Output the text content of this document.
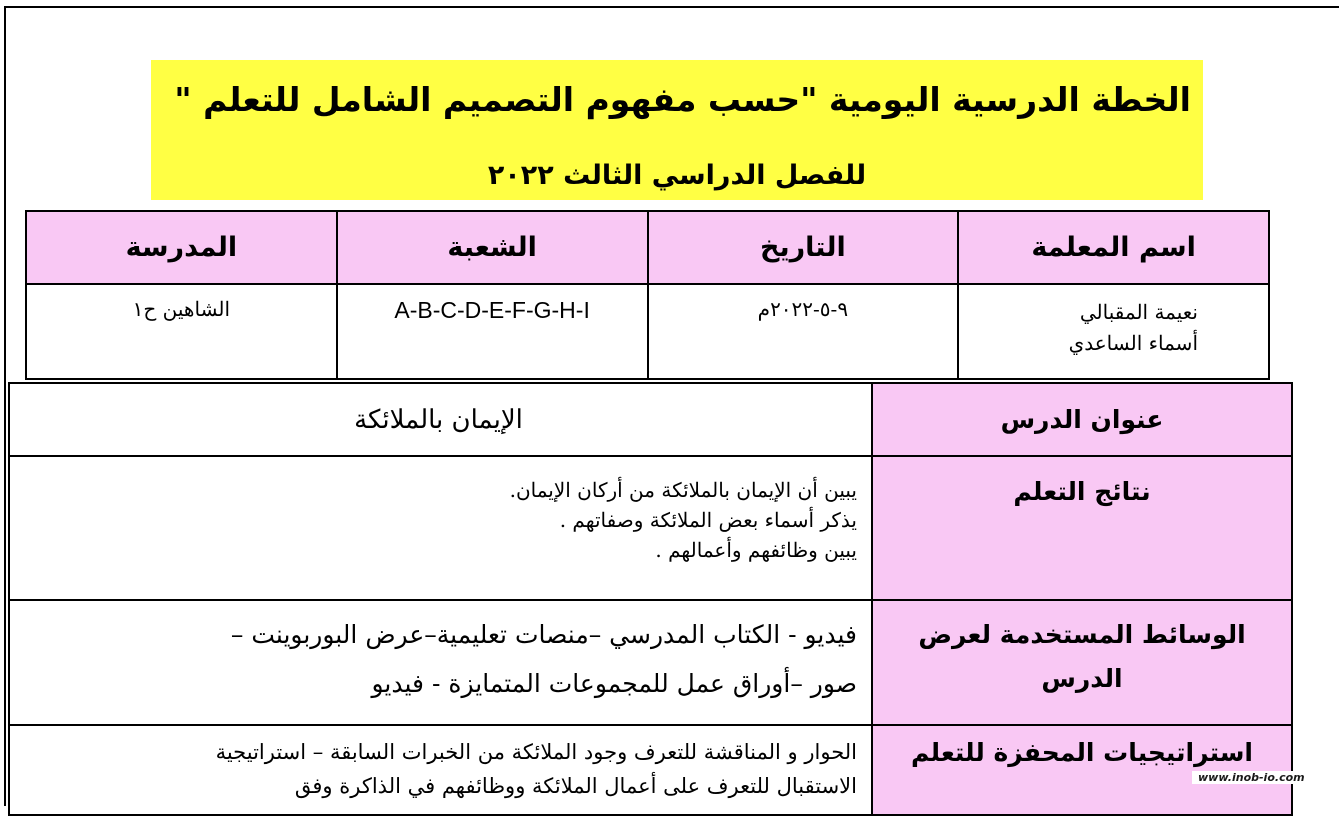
الخطة الدرسية اليومية "حسب مفهوم التصميم الشامل للتعلم "
للفصل الدراسي الثالث ٢٠٢٢
اسم المعلمة	التاريخ	الشعبة	المدرسة

نعيمة المقبالي
أسماء الساعدي	٩-٥-٢٠٢٢م	A-B-C-D-E-F-G-H-I	الشاهين ح١
عنوان الدرس	الإيمان بالملائكة
نتائج التعلم	يبين أن الإيمان بالملائكة من أركان الإيمان.
يذكر أسماء بعض الملائكة وصفاتهم .
يبين وظائفهم وأعمالهم .

الوسائط المستخدمة لعرض الدرس	فيديو - الكتاب المدرسي –منصات تعليمية–عرض البوربوينت –
صور –أوراق عمل للمجموعات المتمايزة - فيديو

استراتيجيات المحفزة للتعلم	الحوار و المناقشة للتعرف وجود الملائكة من الخبرات السابقة – استراتيجية
الاستقبال للتعرف على أعمال الملائكة ووظائفهم في الذاكرة وفق	www.inob-io.com
